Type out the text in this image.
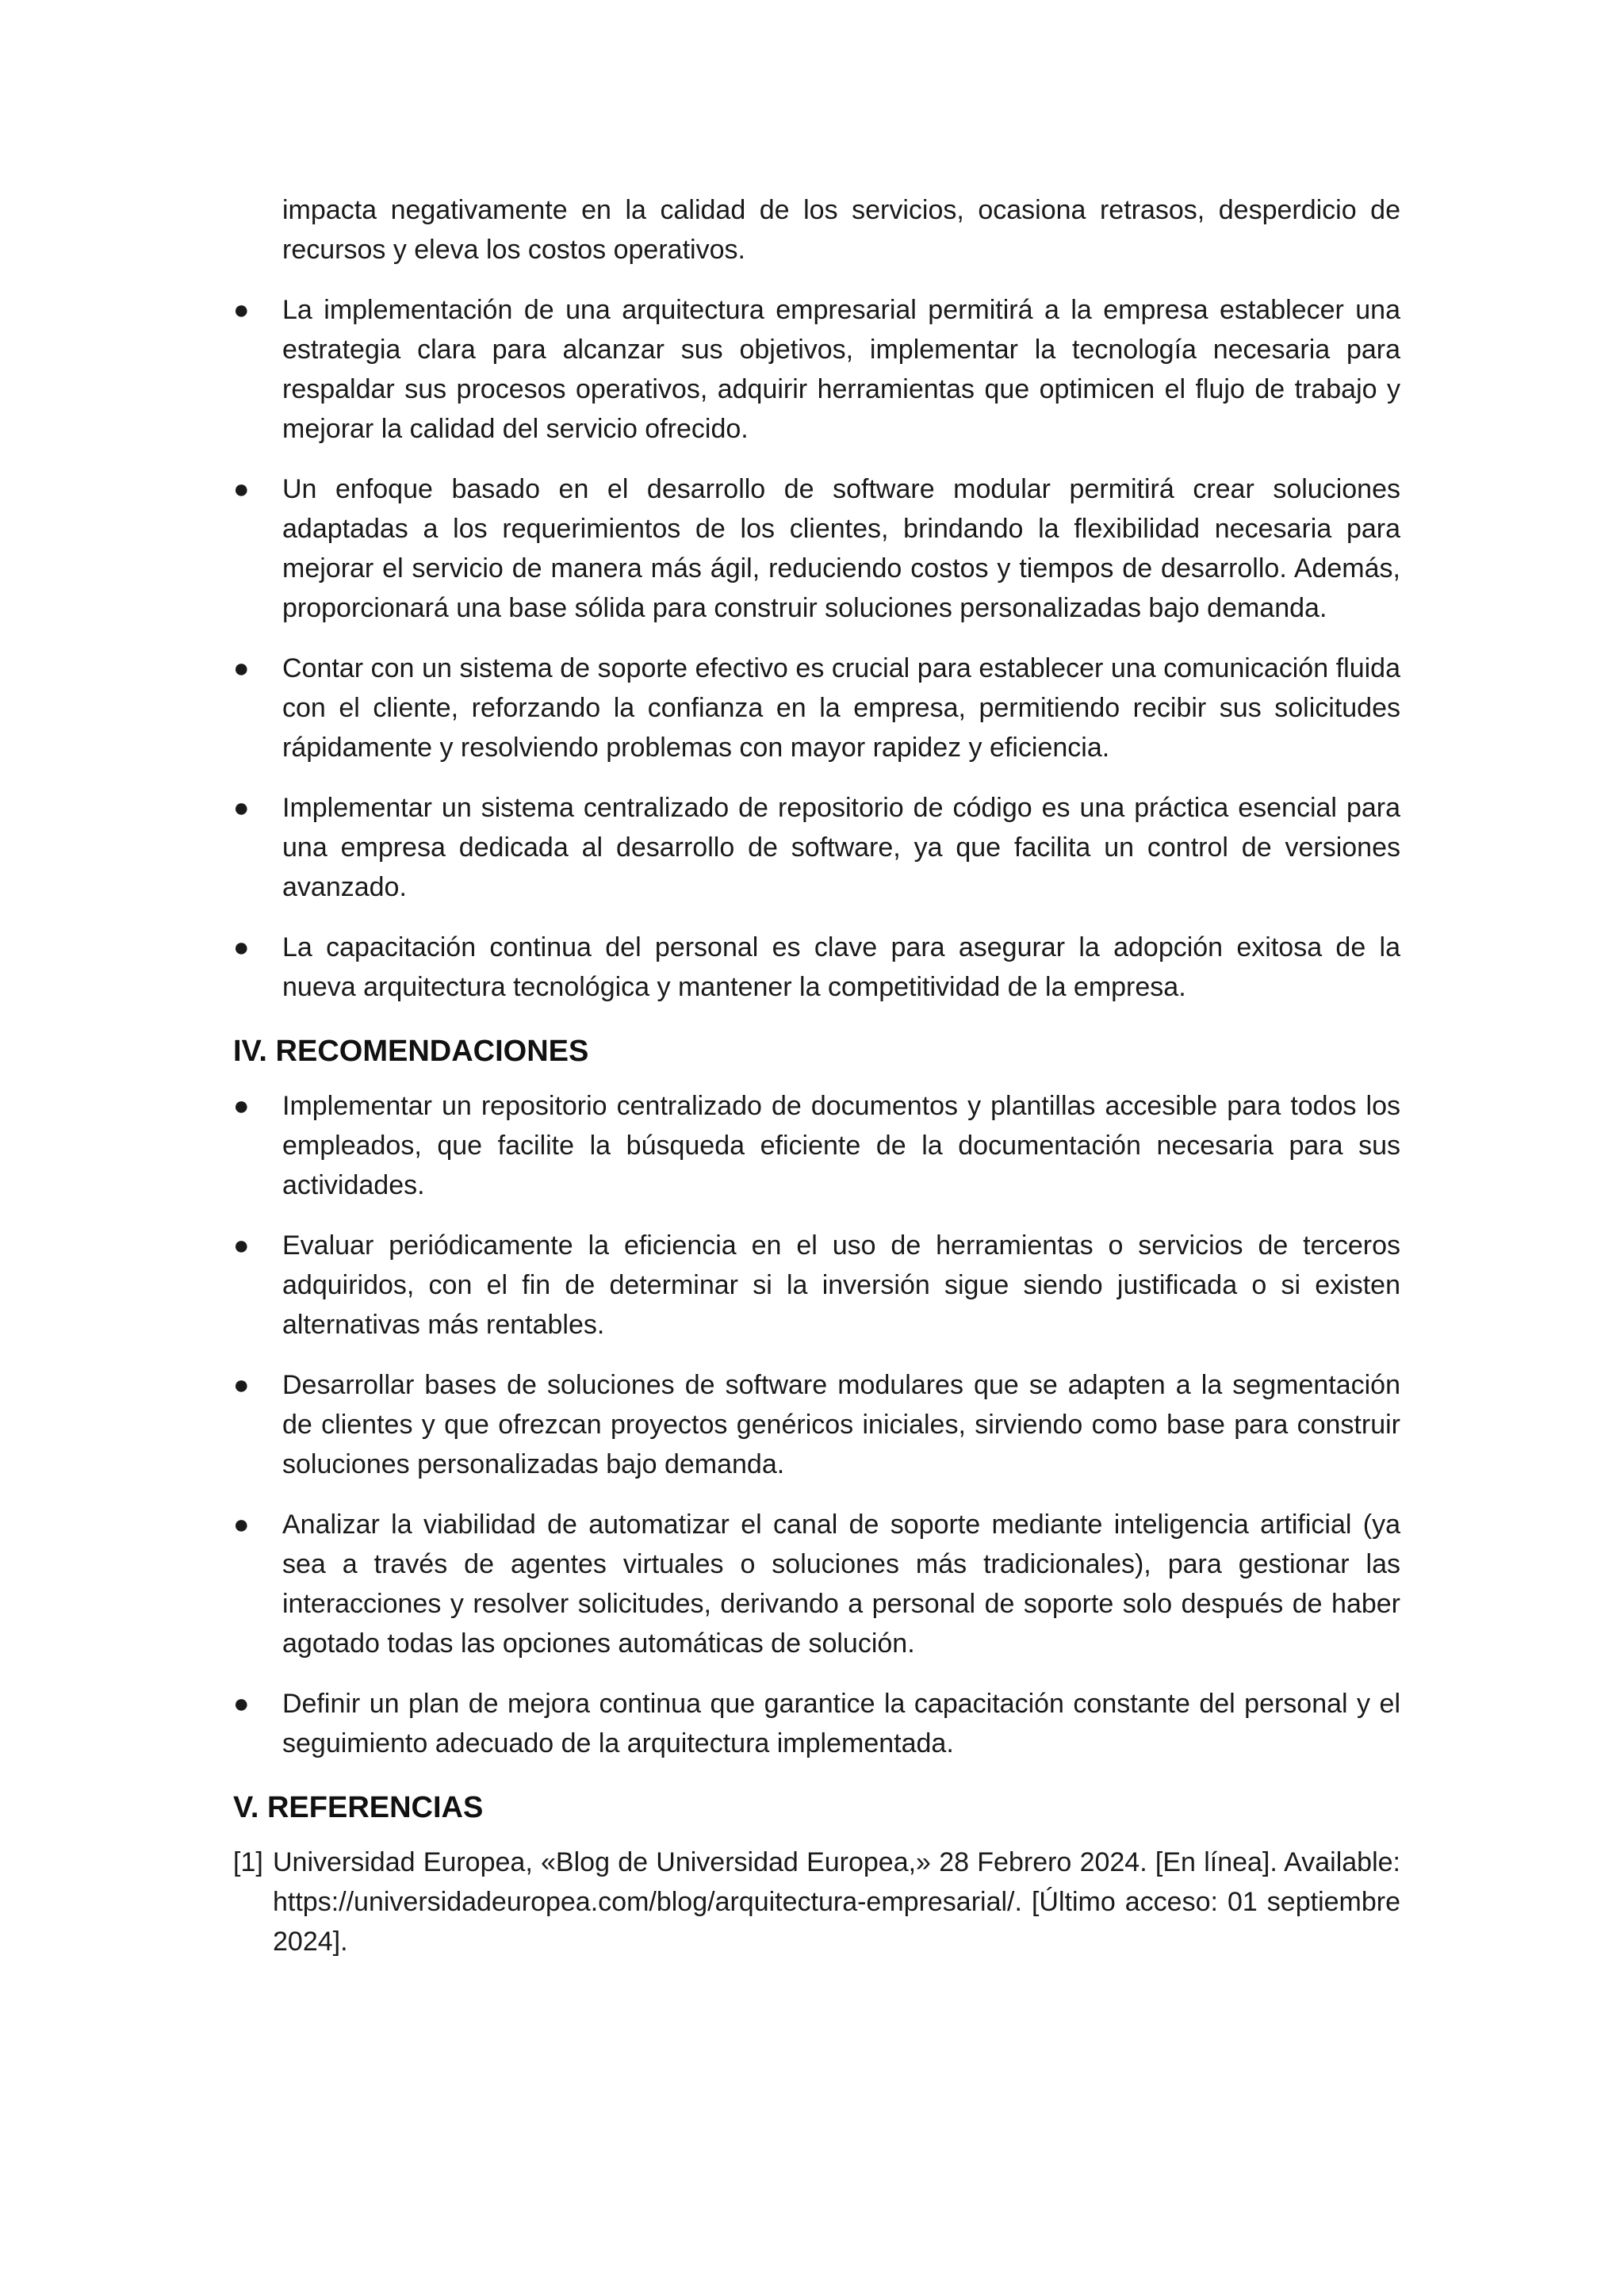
impacta negativamente en la calidad de los servicios, ocasiona retrasos, desperdicio de recursos y eleva los costos operativos.

● La implementación de una arquitectura empresarial permitirá a la empresa establecer una estrategia clara para alcanzar sus objetivos, implementar la tecnología necesaria para respaldar sus procesos operativos, adquirir herramientas que optimicen el flujo de trabajo y mejorar la calidad del servicio ofrecido.
● Un enfoque basado en el desarrollo de software modular permitirá crear soluciones adaptadas a los requerimientos de los clientes, brindando la flexibilidad necesaria para mejorar el servicio de manera más ágil, reduciendo costos y tiempos de desarrollo. Además, proporcionará una base sólida para construir soluciones personalizadas bajo demanda.
● Contar con un sistema de soporte efectivo es crucial para establecer una comunicación fluida con el cliente, reforzando la confianza en la empresa, permitiendo recibir sus solicitudes rápidamente y resolviendo problemas con mayor rapidez y eficiencia.
● Implementar un sistema centralizado de repositorio de código es una práctica esencial para una empresa dedicada al desarrollo de software, ya que facilita un control de versiones avanzado.
● La capacitación continua del personal es clave para asegurar la adopción exitosa de la nueva arquitectura tecnológica y mantener la competitividad de la empresa.
IV. RECOMENDACIONES
● Implementar un repositorio centralizado de documentos y plantillas accesible para todos los empleados, que facilite la búsqueda eficiente de la documentación necesaria para sus actividades.
● Evaluar periódicamente la eficiencia en el uso de herramientas o servicios de terceros adquiridos, con el fin de determinar si la inversión sigue siendo justificada o si existen alternativas más rentables.
● Desarrollar bases de soluciones de software modulares que se adapten a la segmentación de clientes y que ofrezcan proyectos genéricos iniciales, sirviendo como base para construir soluciones personalizadas bajo demanda.
● Analizar la viabilidad de automatizar el canal de soporte mediante inteligencia artificial (ya sea a través de agentes virtuales o soluciones más tradicionales), para gestionar las interacciones y resolver solicitudes, derivando a personal de soporte solo después de haber agotado todas las opciones automáticas de solución.
● Definir un plan de mejora continua que garantice la capacitación constante del personal y el seguimiento adecuado de la arquitectura implementada.
V. REFERENCIAS
[1] Universidad Europea, «Blog de Universidad Europea,» 28 Febrero 2024. [En línea]. Available: https://universidadeuropea.com/blog/arquitectura-empresarial/. [Último acceso: 01 septiembre 2024].
